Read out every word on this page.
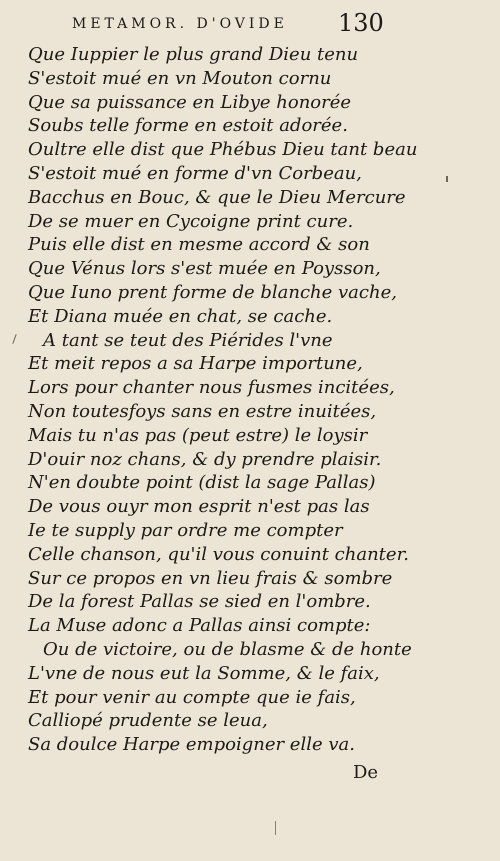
METAMOR. D'OVIDE	130
Que Iuppier le plus grand Dieu tenu
S'estoit mué en vn Mouton cornu
Que sa puissance en Libye honorée
Soubs telle forme en estoit adorée.
Oultre elle dist que Phébus Dieu tant beau
S'estoit mué en forme d'vn Corbeau,
Bacchus en Bouc, & que le Dieu Mercure
De se muer en Cycoigne print cure.
Puis elle dist en mesme accord & son
Que Vénus lors s'est muée en Poysson,
Que Iuno prent forme de blanche vache,
Et Diana muée en chat, se cache.
A tant se teut des Piérides l'vne
Et meit repos a sa Harpe importune,
Lors pour chanter nous fusmes incitées,
Non toutesfoys sans en estre inuitées,
Mais tu n'as pas (peut estre) le loysir
D'ouir noz chans, & dy prendre plaisir.
N'en doubte point (dist la sage Pallas)
De vous ouyr mon esprit n'est pas las
Ie te supply par ordre me compter
Celle chanson, qu'il vous conuint chanter.
Sur ce propos en vn lieu frais & sombre
De la forest Pallas se sied en l'ombre.
La Muse adonc a Pallas ainsi compte:
Ou de victoire, ou de blasme & de honte
L'vne de nous eut la Somme, & le faix,
Et pour venir au compte que ie fais,
Calliopé prudente se leua,
Sa doulce Harpe empoigner elle va.
De
